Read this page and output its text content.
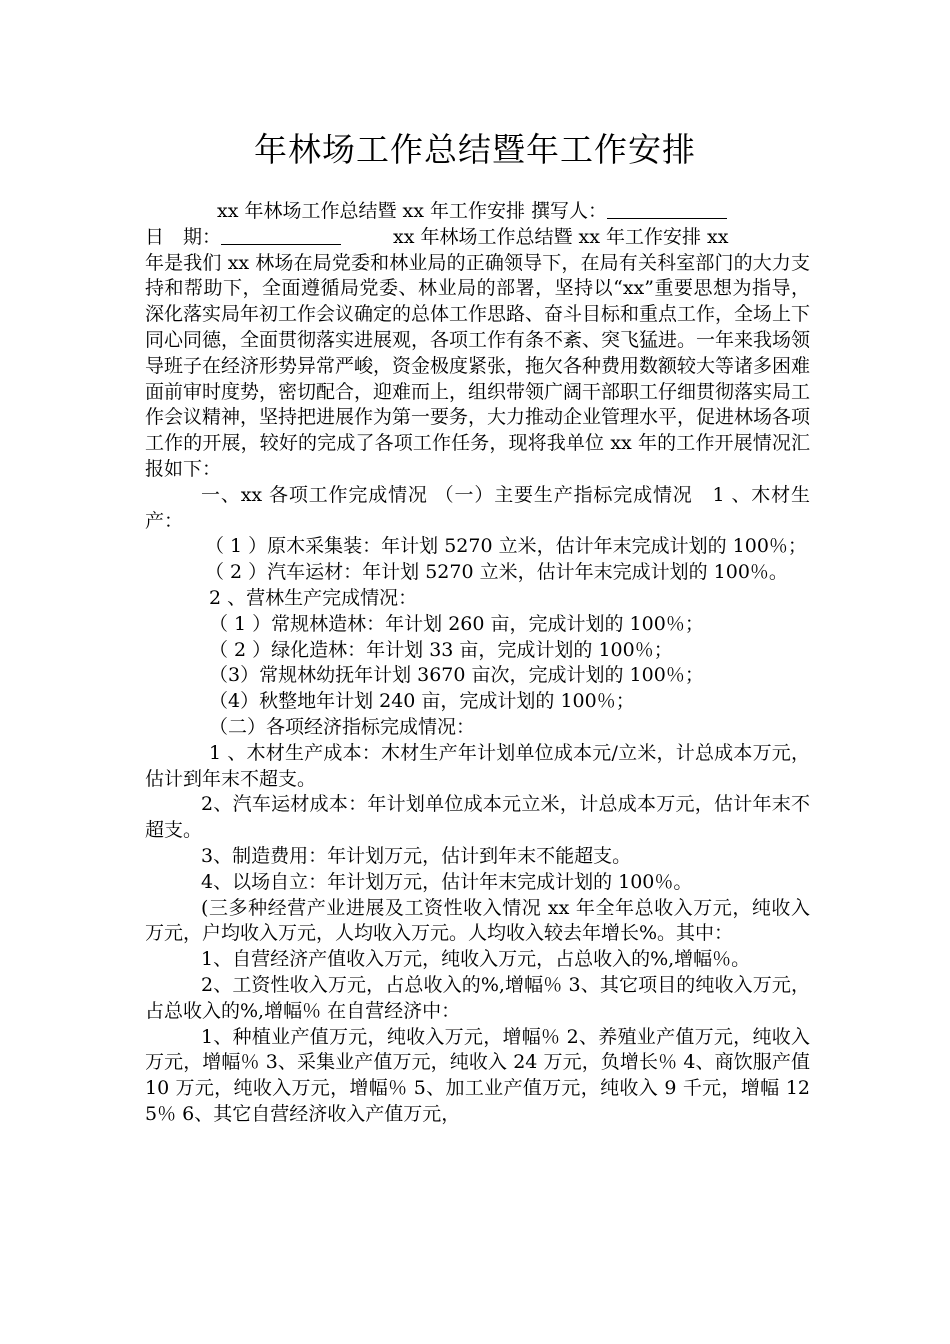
年林场工作总结暨年工作安排

xx 年林场工作总结暨 xx 年工作安排 撰写人：

日　期：	xx 年林场工作总结暨 xx 年工作安排 xx

年是我们 xx 林场在局党委和林业局的正确领导下，在局有关科室部门的大力支持和帮助下，全面遵循局党委、林业局的部署，坚持以“xx”重要思想为指导，深化落实局年初工作会议确定的总体工作思路、奋斗目标和重点工作，全场上下同心同德，全面贯彻落实进展观，各项工作有条不紊、突飞猛进。一年来我场领导班子在经济形势异常严峻，资金极度紧张，拖欠各种费用数额较大等诸多困难面前审时度势，密切配合，迎难而上，组织带领广阔干部职工仔细贯彻落实局工作会议精神，坚持把进展作为第一要务，大力推动企业管理水平，促进林场各项工作的开展，较好的完成了各项工作任务，现将我单位 xx 年的工作开展情况汇报如下：

一、xx 各项工作完成情况 （一）主要生产指标完成情况　1 、木材生产：

（ 1 ）原木采集装：年计划 5270 立米，估计年末完成计划的 100％；

（ 2 ）汽车运材：年计划 5270 立米，估计年末完成计划的 100％。

2 、营林生产完成情况：

（ 1 ）常规林造林：年计划 260 亩，完成计划的 100％；

（ 2 ）绿化造林：年计划 33 亩，完成计划的 100％；

（3）常规林幼抚年计划 3670 亩次，完成计划的 100％；

（4）秋整地年计划 240 亩，完成计划的 100％；

（二）各项经济指标完成情况：

1 、木材生产成本：木材生产年计划单位成本元/立米，计总成本万元，估计到年末不超支。

2、汽车运材成本：年计划单位成本元立米，计总成本万元，估计年末不超支。

3、制造费用：年计划万元，估计到年末不能超支。

4、以场自立：年计划万元，估计年末完成计划的 100％。

(三多种经营产业进展及工资性收入情况 xx 年全年总收入万元，纯收入万元，户均收入万元，人均收入万元。人均收入较去年增长%。其中：

1、自营经济产值收入万元，纯收入万元，占总收入的%,增幅％。

2、工资性收入万元，占总收入的%,增幅％ 3、其它项目的纯收入万元，占总收入的%,增幅％ 在自营经济中：

1、种植业产值万元，纯收入万元，增幅％ 2、养殖业产值万元，纯收入万元，增幅％ 3、采集业产值万元，纯收入 24 万元，负增长％ 4、商饮服产值 10 万元，纯收入万元，增幅％ 5、加工业产值万元，纯收入 9 千元，增幅 125％ 6、其它自营经济收入产值万元，
